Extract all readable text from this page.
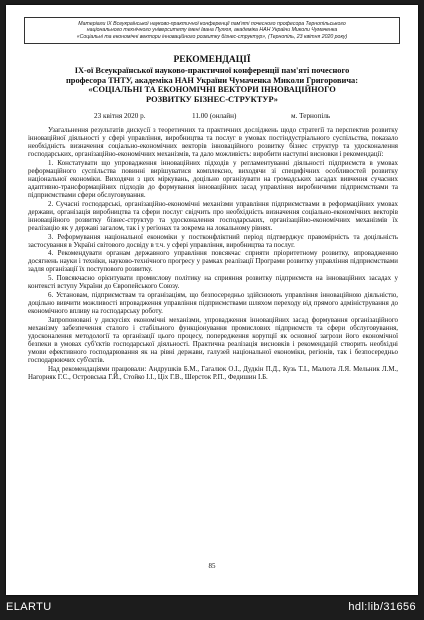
Матеріали IX Всеукраїнської науково-практичної конференції пам'яті почесного професора Тернопільського
національного технічного університету імені Івана Пулюя, академіка НАН України Миколи Чумаченка
«Соціальні та економічні вектори інноваційного розвитку бізнес-структур», (Тернопіль, 23 квітня 2020 року)
РЕКОМЕНДАЦІЇ
IX-ої Всеукраїнської науково-практичної конференції пам'яті почесного
професора ТНТУ, академіка НАН України Чумаченка Миколи Григоровича:
«СОЦІАЛЬНІ ТА ЕКОНОМІЧНІ ВЕКТОРИ ІННОВАЦІЙНОГО
РОЗВИТКУ БІЗНЕС-СТРУКТУР»
23 квітня 2020 р.	11.00 (онлайн)	м. Тернопіль

Узагальнення результатів дискусії з теоретичних та практичних досліджень щодо стратегії та перспектив розвитку інноваційної діяльності у сфері управління, виробництва та послуг в умовах постіндустріального суспільства, показало необхідність визначення соціально-економічних векторів інноваційного розвитку бізнес структур та удосконалення господарських, організаційно-економічних механізмів, та дало можливість: виробити наступні висновки і рекомендації:

1. Констатувати що упровадження інноваційних підходів у регламентуванні діяльності підприємств в умовах реформаційного суспільства повинні вирішуватися комплексно, виходячи зі специфічних особливостей розвитку національної економіки. Виходячи з цих міркувань, доцільно організувати на громадських засадах вивчення сучасних адаптивно-трансформаційних підходів до формування інноваційних засад управління виробничими підприємствами та підприємствами сфери обслуговування.

2. Сучасні господарські, організаційно-економічні механізми управління підприємствами в реформаційних умовах держави, організація виробництва та сфери послуг свідчить про необхідність визначення соціально-економічних векторів інноваційного розвитку бізнес-структур та удосконалення господарських, організаційно-економічних механізмів їх реалізацію як у державі загалом, так і у регіонах та зокрема на локальному рівнях.

3. Реформування національної економіки у постконфліктний період підтверджує правомірність та доцільність застосування в Україні світового досвіду в т.ч. у сфері управління, виробництва та послуг.

4. Рекомендувати органам державного управління повсякчас сприяти пріоритетному розвитку, впровадженню досягнень науки і техніки, науково-технічного прогресу у рамках реалізації Програми розвитку управління підприємствами задля організації їх поступового розвитку.

5. Повсякчасно орієнтувати промислову політику на сприяння розвитку підприємств на інноваційних засадах у контексті вступу України до Європейського Союзу.

6. Установам, підприємствам та організаціям, що безпосередньо здійснюють управління інноваційною діяльністю, доцільно вивчити можливості впровадження управління підприємствами шляхом переходу від прямого адміністрування до економічного впливу на господарську роботу.

Запропоновані у дискусіях економічні механізми, упровадження інноваційних засад формування організаційного механізму забезпечення сталого і стабільного функціонування промислових підприємств та сфери обслуговування, удосконалення методології та організації цього процесу, попередження корупції як основної загрози його економічної безпеки в умовах суб'єктів господарської діяльності. Практична реалізація висновків і рекомендацій створить необхідні умови ефективного господарювання як на рівні держави, галузей національної економіки, регіонів, так і безпосередньо господарюючих суб'єктів.

Над рекомендаціями працювали: Андрушків Б.М., Гагалюк О.І., Дудкін П.Д., Кузь Т.І., Малюта Л.Я. Мельник Л.М., Нагорняк Г.С., Островська Г.Й., Стойко І.І., Ціх Г.В., Шерсток Р.П., Федишин І.Б.

85
ELARTU	hdl:lib/31656
